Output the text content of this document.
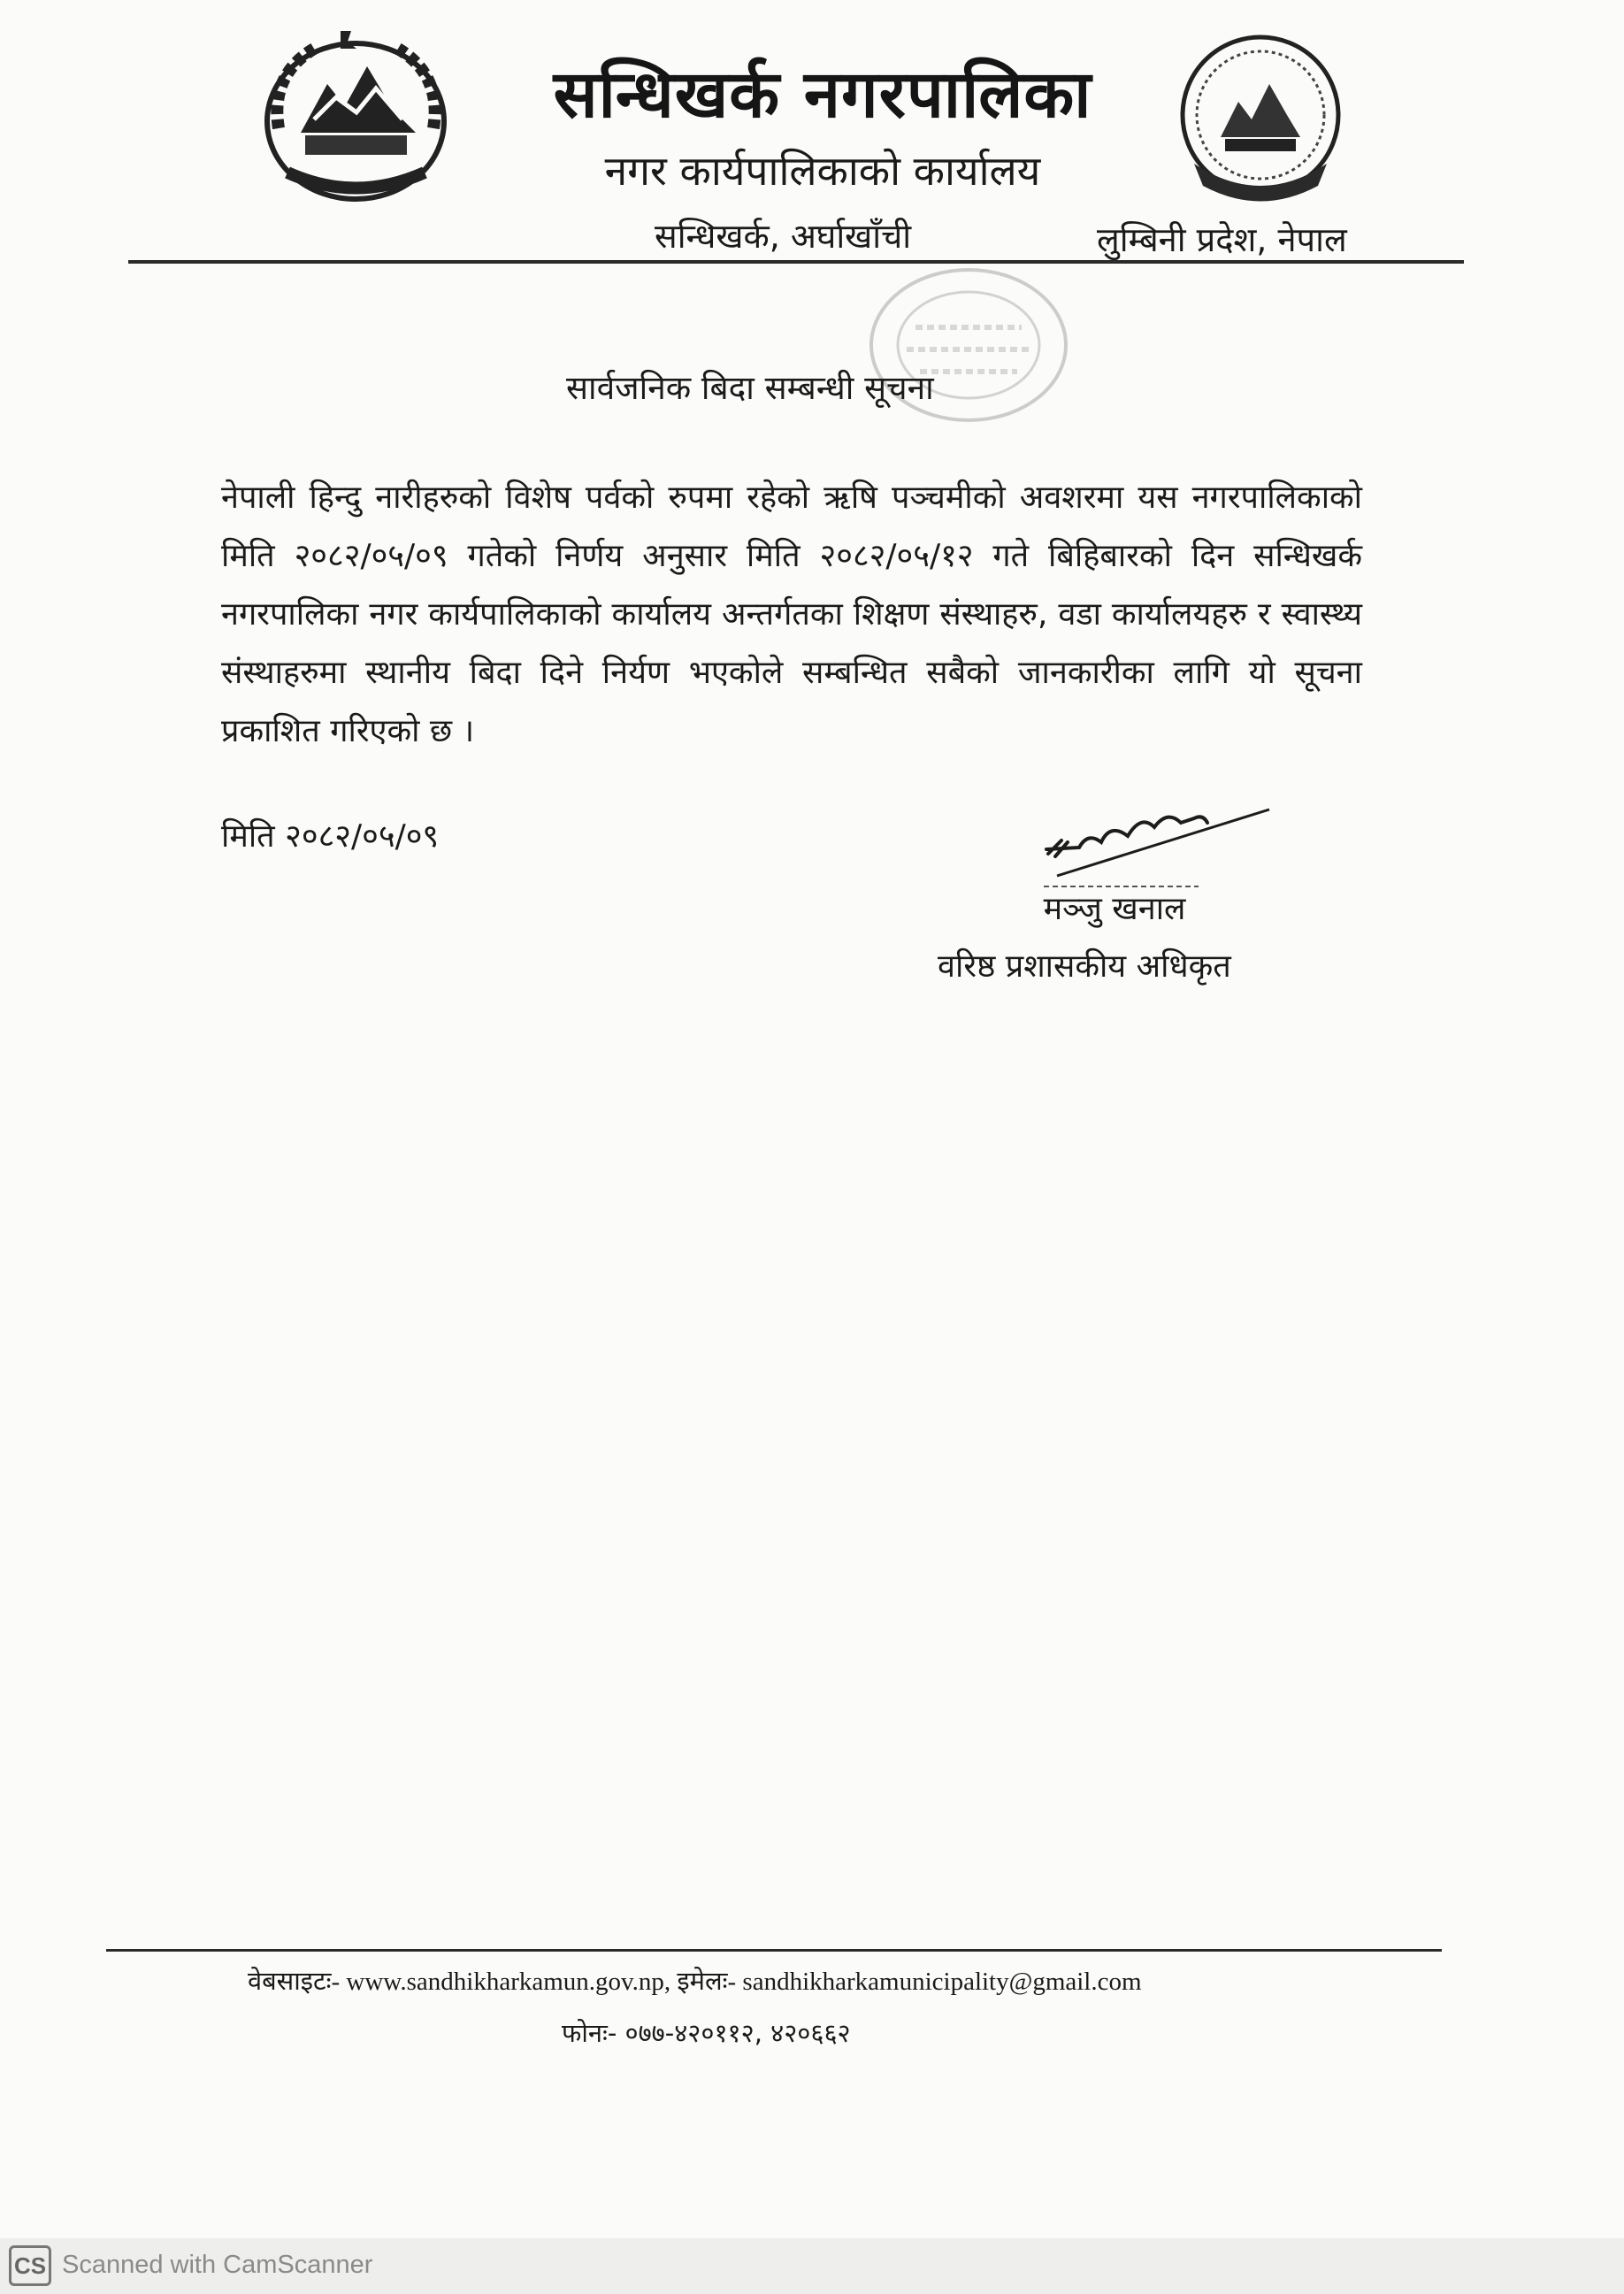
सन्धिखर्क नगरपालिका
नगर कार्यपालिकाको कार्यालय
सन्धिखर्क, अर्घाखाँची	लुम्बिनी प्रदेश, नेपाल
सार्वजनिक बिदा सम्बन्धी सूचना

नेपाली हिन्दु नारीहरुको विशेष पर्वको रुपमा रहेको ऋषि पञ्चमीको अवशरमा यस नगरपालिकाको मिति २०८२/०५/०९ गतेको निर्णय अनुसार मिति २०८२/०५/१२ गते बिहिबारको दिन सन्धिखर्क नगरपालिका नगर कार्यपालिकाको कार्यालय अन्तर्गतका शिक्षण संस्थाहरु, वडा कार्यालयहरु र स्वास्थ्य संस्थाहरुमा स्थानीय बिदा दिने निर्यण भएकोले सम्बन्धित सबैको जानकारीका लागि यो सूचना प्रकाशित गरिएको छ ।

मिति २०८२/०५/०९
मञ्जु खनाल
वरिष्ठ प्रशासकीय अधिकृत
वेबसाइटः- www.sandhikharkamun.gov.np, इमेलः- sandhikharkamunicipality@gmail.com
फोनः- ०७७-४२०११२, ४२०६६२
CS Scanned with CamScanner
